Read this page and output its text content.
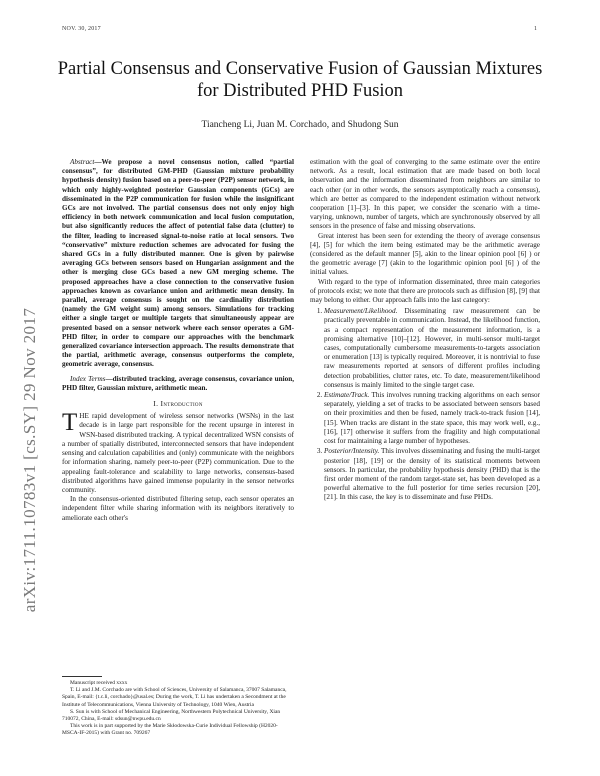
NOV. 30, 2017	1
Partial Consensus and Conservative Fusion of Gaussian Mixtures for Distributed PHD Fusion
Tiancheng Li, Juan M. Corchado, and Shudong Sun
arXiv:1711.10783v1 [cs.SY] 29 Nov 2017

Abstract—We propose a novel consensus notion, called “partial consensus”, for distributed GM-PHD (Gaussian mixture probability hypothesis density) fusion based on a peer-to-peer (P2P) sensor network, in which only highly-weighted posterior Gaussian components (GCs) are disseminated in the P2P communication for fusion while the insignificant GCs are not involved. The partial consensus does not only enjoy high efficiency in both network communication and local fusion computation, but also significantly reduces the affect of potential false data (clutter) to the filter, leading to increased signal-to-noise ratio at local sensors. Two “conservative” mixture reduction schemes are advocated for fusing the shared GCs in a fully distributed manner. One is given by pairwise averaging GCs between sensors based on Hungarian assignment and the other is merging close GCs based a new GM merging scheme. The proposed approaches have a close connection to the conservative fusion approaches known as covariance union and arithmetic mean density. In parallel, average consensus is sought on the cardinality distribution (namely the GM weight sum) among sensors. Simulations for tracking either a single target or multiple targets that simultaneously appear are presented based on a sensor network where each sensor operates a GM-PHD filter, in order to compare our approaches with the benchmark generalized covariance intersection approach. The results demonstrate that the partial, arithmetic average, consensus outperforms the complete, geometric average, consensus.

Index Terms—distributed tracking, average consensus, covariance union, PHD filter, Gaussian mixture, arithmetic mean.

I. Introduction

THE rapid development of wireless sensor networks (WSNs) in the last decade is in large part responsible for the recent upsurge in interest in WSN-based distributed tracking. A typical decentralized WSN consists of a number of spatially distributed, interconnected sensors that have independent sensing and calculation capabilities and (only) communicate with the neighbors for information sharing, namely peer-to-peer (P2P) communication. Due to the appealing fault-tolerance and scalability to large networks, consensus-based distributed algorithms have gained immense popularity in the sensor networks community.

In the consensus-oriented distributed filtering setup, each sensor operates an independent filter while sharing information with its neighbors iteratively to ameliorate each other's

Manuscript received xxxx
T. Li and J.M. Corchado are with School of Sciences, University of Salamanca, 37007 Salamanca, Spain, E-mail: {t.c.li, corchado}@usal.es; During the work, T. Li has undertaken a Secondment at the Institute of Telecommunications, Vienna University of Technology, 1040 Wien, Austria
S. Sun is with School of Mechanical Engineering, Northwestern Polytechnical University, Xian 710072, China, E-mail: sdsun@nwpu.edu.cn
This work is in part supported by the Marie Skłodowska-Curie Individual Fellowship (H2020-MSCA-IF-2015) with Grant no. 709267

estimation with the goal of converging to the same estimate over the entire network. As a result, local estimation that are made based on both local observation and the information disseminated from neighbors are similar to each other (or in other words, the sensors asymptotically reach a consensus), which are better as compared to the independent estimation without network cooperation [1]–[3]. In this paper, we consider the scenario with a time-varying, unknown, number of targets, which are synchronously observed by all sensors in the presence of false and missing observations.

Great interest has been seen for extending the theory of average consensus [4], [5] for which the item being estimated may be the arithmetic average (considered as the default manner [5], akin to the linear opinion pool [6] ) or the geometric average [7] (akin to the logarithmic opinion pool [6] ) of the initial values.

With regard to the type of information disseminated, three main categories of protocols exist; we note that there are protocols such as diffusion [8], [9] that may belong to either. Our approach falls into the last category:

1. Measurement/Likelihood. Disseminating raw measurement can be practically preventable in communication. Instead, the likelihood function, as a compact representation of the measurement information, is a promising alternative [10]–[12]. However, in multi-sensor multi-target cases, computationally cumbersome measurements-to-targets association or enumeration [13] is typically required. Moreover, it is nontrivial to fuse raw measurements reported at sensors of different profiles including detection probabilities, clutter rates, etc. To date, measurement/likelihood consensus is mainly limited to the single target case.
2. Estimate/Track. This involves running tracking algorithms on each sensor separately, yielding a set of tracks to be associated between sensors based on their proximities and then be fused, namely track-to-track fusion [14], [15]. When tracks are distant in the state space, this may work well, e.g., [16], [17] otherwise it suffers from the fragility and high computational cost for maintaining a large number of hypotheses.
3. Posterior/Intensity. This involves disseminating and fusing the multi-target posterior [18], [19] or the density of its statistical moments between sensors. In particular, the probability hypothesis density (PHD) that is the first order moment of the random target-state set, has been developed as a powerful alternative to the full posterior for time series recursion [20], [21]. In this case, the key is to disseminate and fuse PHDs.
